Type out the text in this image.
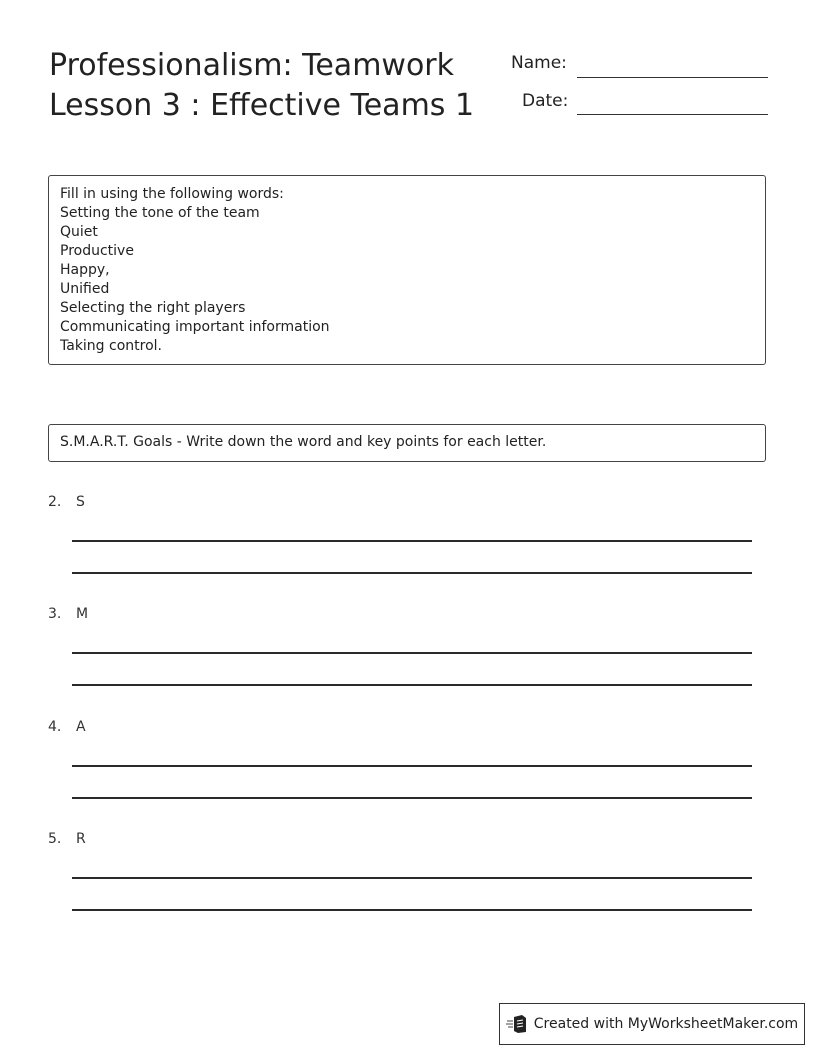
Professionalism: Teamwork
Lesson 3 : Effective Teams 1
Name:
Date:
Fill in using the following words:
Setting the tone of the team
Quiet
Productive
Happy,
Unified
Selecting the right players
Communicating important information
Taking control.
S.M.A.R.T. Goals - Write down the word and key points for each letter.
2. S
3. M
4. A
5. R
Created with MyWorksheetMaker.com
